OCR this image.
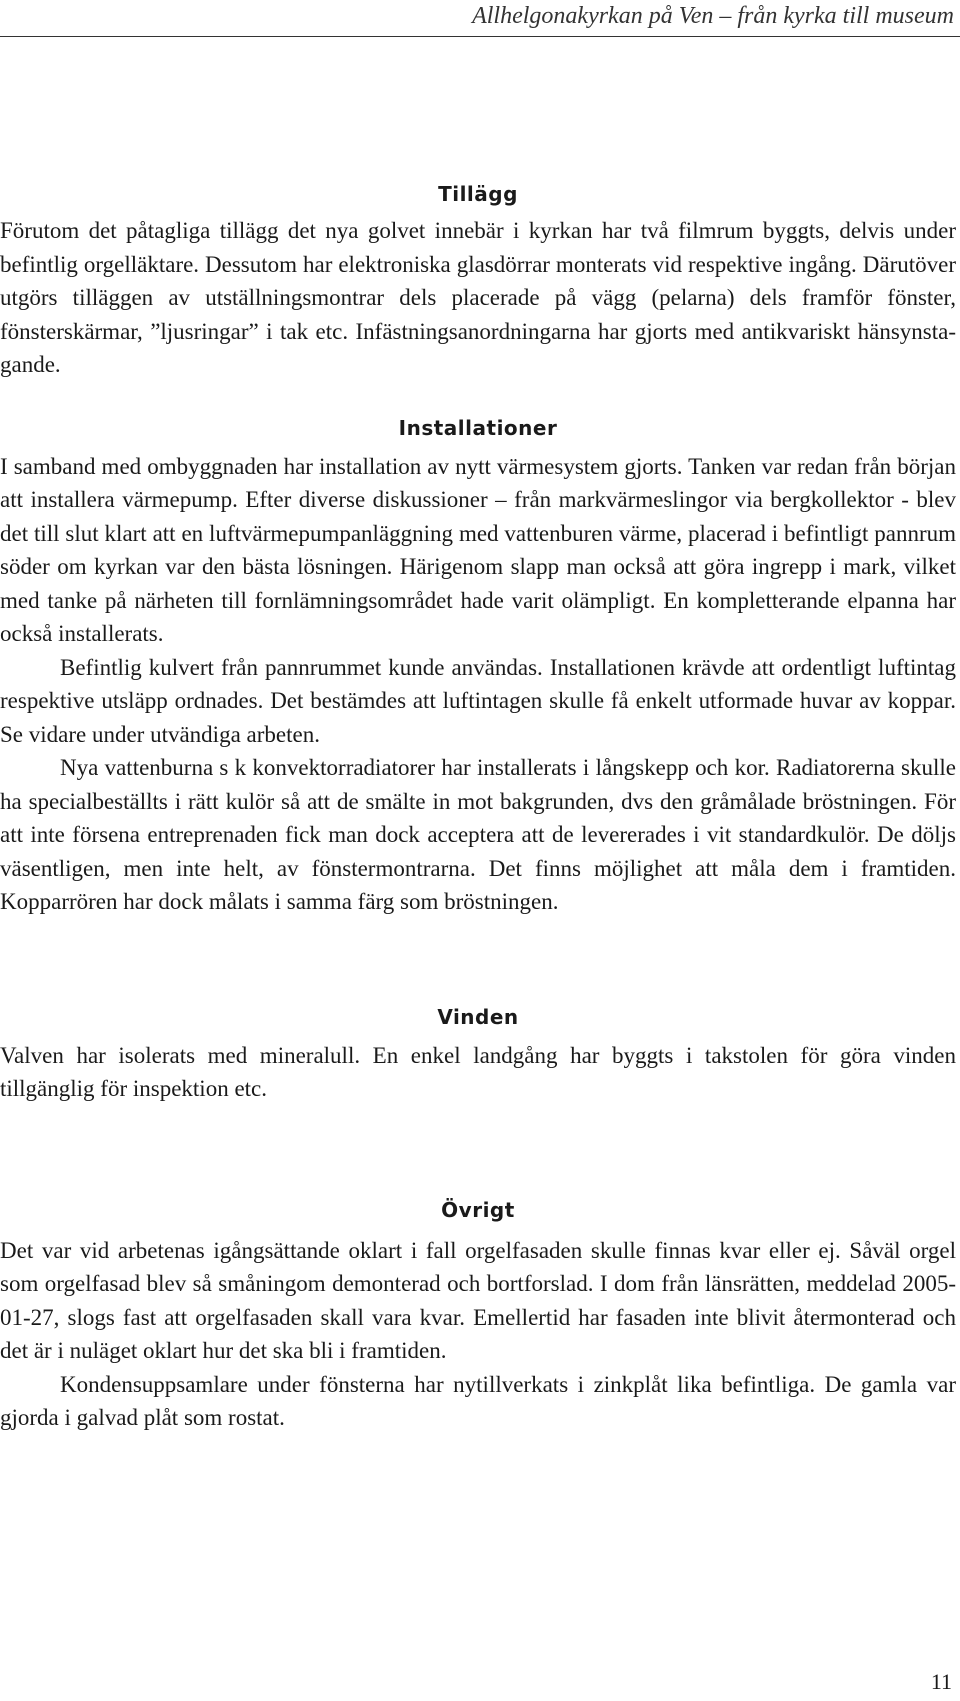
Allhelgonakyrkan på Ven – från kyrka till museum
Tillägg

Förutom det påtagliga tillägg det nya golvet innebär i kyrkan har två filmrum byggts, delvis under befintlig orgelläktare. Dessutom har elektroniska glasdörrar monterats vid respektive ingång. Därutöver utgörs tilläggen av utställningsmontrar dels placerade på vägg (pelarna) dels framför fönster, fönsterskärmar, ”ljusringar” i tak etc. Infästningsanordningarna har gjorts med antikvariskt hänsynstagande.

Installationer

I samband med ombyggnaden har installation av nytt värmesystem gjorts. Tanken var redan från början att installera värmepump. Efter diverse diskussioner – från markvärmeslingor via bergkollektor - blev det till slut klart att en luftvärmepumpanläggning med vattenburen värme, placerad i befintligt pannrum söder om kyrkan var den bästa lösningen. Härigenom slapp man också att göra ingrepp i mark, vilket med tanke på närheten till fornlämningsområdet hade varit olämpligt. En kompletterande elpanna har också installerats.

Befintlig kulvert från pannrummet kunde användas. Installationen krävde att ordentligt luftintag respektive utsläpp ordnades. Det bestämdes att luftintagen skulle få enkelt utformade huvar av koppar. Se vidare under utvändiga arbeten.

Nya vattenburna s k konvektorradiatorer har installerats i långskepp och kor. Radiatorerna skulle ha specialbeställts i rätt kulör så att de smälte in mot bakgrunden, dvs den gråmålade bröstningen. För att inte försena entreprenaden fick man dock acceptera att de levererades i vit standardkulör. De döljs väsentligen, men inte helt, av fönstermontrarna. Det finns möjlighet att måla dem i framtiden. Kopparrören har dock målats i samma färg som bröstningen.

Vinden

Valven har isolerats med mineralull. En enkel landgång har byggts i takstolen för göra vinden tillgänglig för inspektion etc.

Övrigt

Det var vid arbetenas igångsättande oklart i fall orgelfasaden skulle finnas kvar eller ej. Såväl orgel som orgelfasad blev så småningom demonterad och bortforslad. I dom från länsrätten, meddelad 2005-01-27, slogs fast att orgelfasaden skall vara kvar. Emellertid har fasaden inte blivit återmonterad och det är i nuläget oklart hur det ska bli i framtiden.

Kondensuppsamlare under fönsterna har nytillverkats i zinkplåt lika befintliga. De gamla var gjorda i galvad plåt som rostat.

11
